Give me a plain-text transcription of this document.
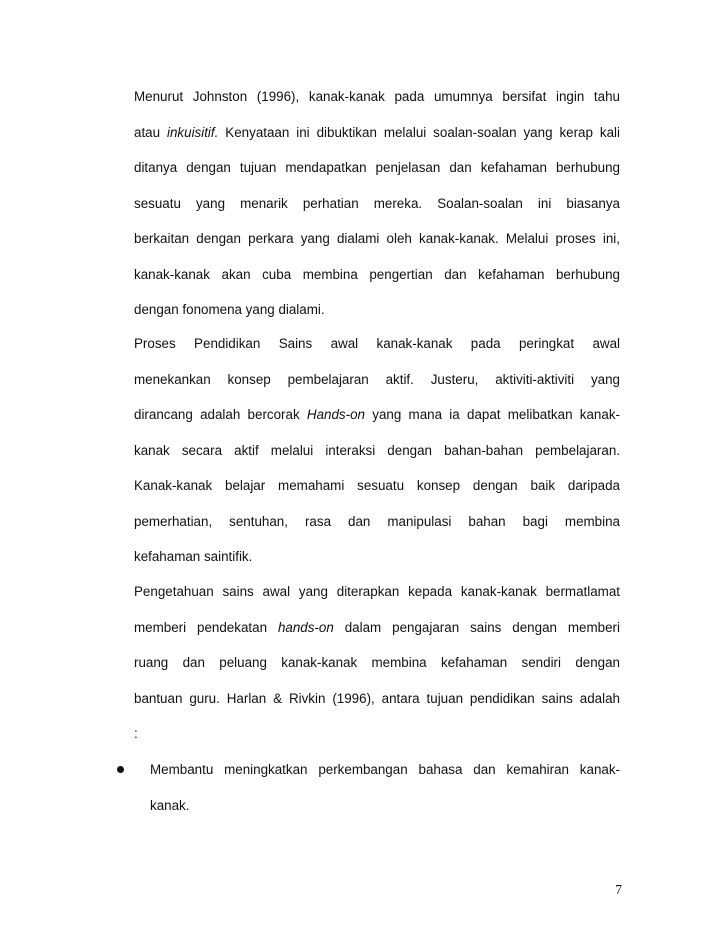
Menurut Johnston (1996), kanak-kanak pada umumnya bersifat ingin tahu
atau inkuisitif. Kenyataan ini dibuktikan melalui soalan-soalan yang kerap kali
ditanya dengan tujuan mendapatkan penjelasan dan kefahaman berhubung
sesuatu yang menarik perhatian mereka. Soalan-soalan ini biasanya
berkaitan dengan perkara yang dialami oleh kanak-kanak. Melalui proses ini,
kanak-kanak akan cuba membina pengertian dan kefahaman berhubung
dengan fonomena yang dialami.
Proses Pendidikan Sains awal kanak-kanak pada peringkat awal
menekankan konsep pembelajaran aktif. Justeru, aktiviti-aktiviti yang
dirancang adalah bercorak Hands-on yang mana ia dapat melibatkan kanak-
kanak secara aktif melalui interaksi dengan bahan-bahan pembelajaran.
Kanak-kanak belajar memahami sesuatu konsep dengan baik daripada
pemerhatian, sentuhan, rasa dan manipulasi bahan bagi membina
kefahaman saintifik.
Pengetahuan sains awal yang diterapkan kepada kanak-kanak bermatlamat
memberi pendekatan hands-on dalam pengajaran sains dengan memberi
ruang dan peluang kanak-kanak membina kefahaman sendiri dengan
bantuan guru. Harlan & Rivkin (1996), antara tujuan pendidikan sains adalah
:
Membantu meningkatkan perkembangan bahasa dan kemahiran kanak-
kanak.
7
